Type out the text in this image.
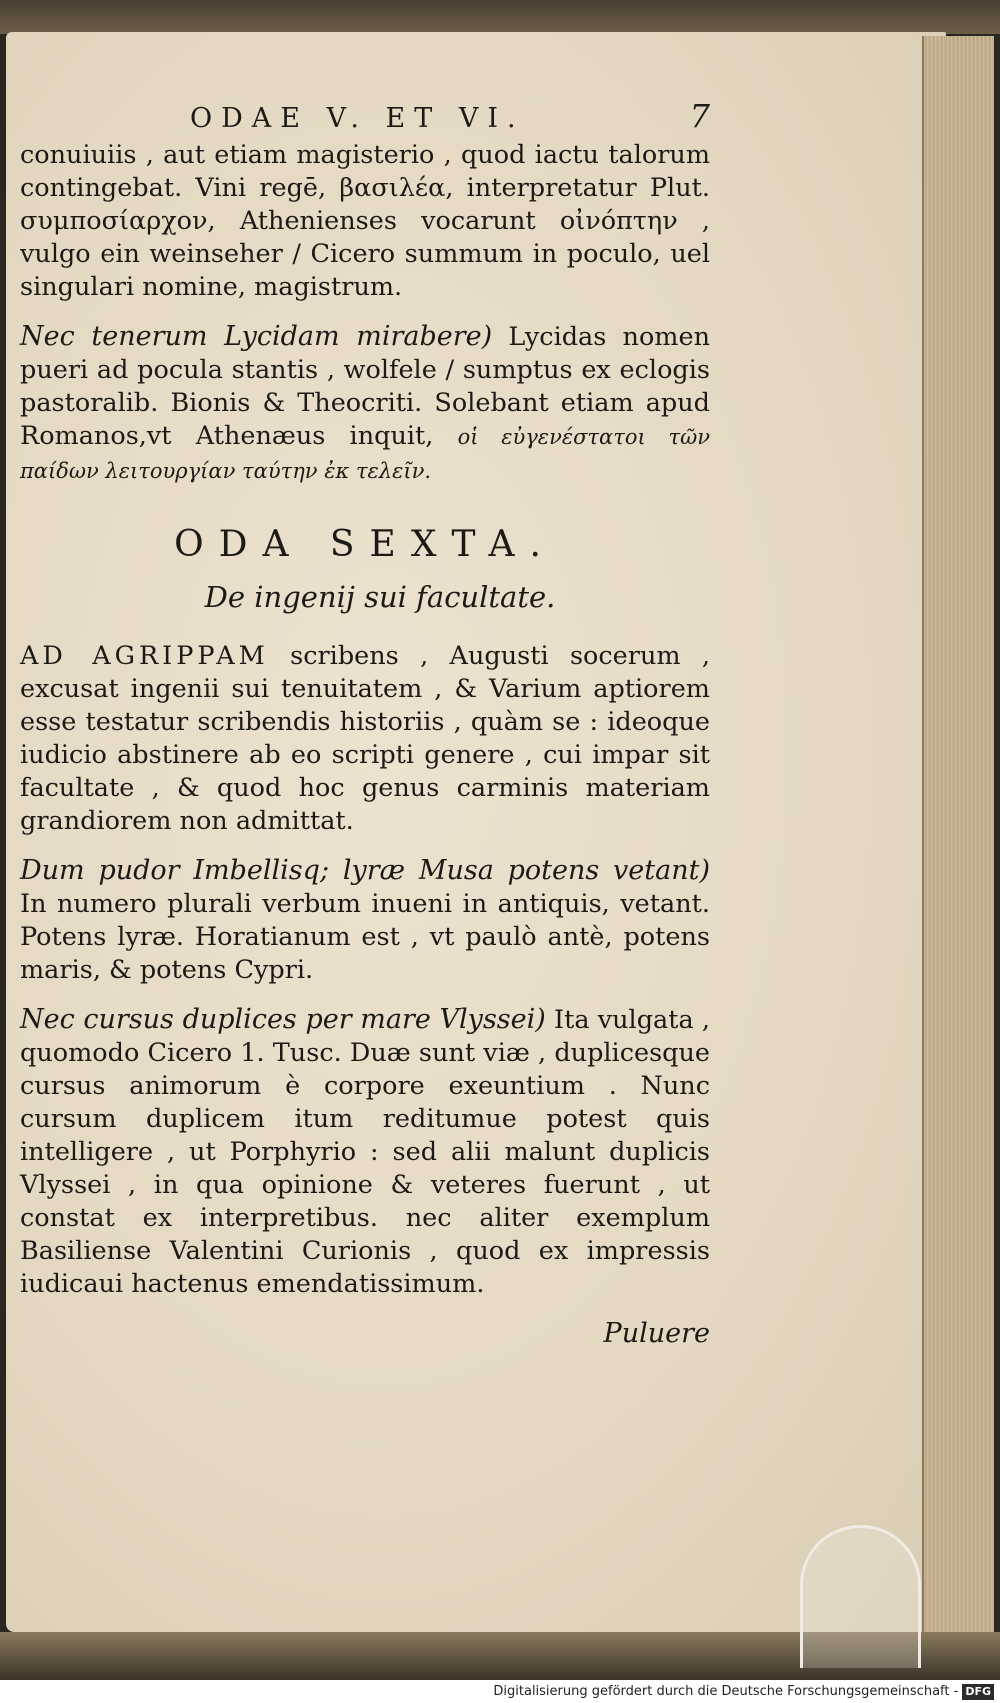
ODAE V. ET VI.	7

conuiuiis , aut etiam magisterio , quod iactu talorum contingebat. Vini regē, βασιλέα, interpretatur Plut. συμποσίαρχον, Athenienses vocarunt οἰνόπτην , vulgo ein weinseher / Cicero summum in poculo, uel singulari nomine, magistrum.

Nec tenerum Lycidam mirabere) Lycidas nomen pueri ad pocula stantis , wolfele / sumptus ex eclogis pastoralib. Bionis & Theocriti. Solebant etiam apud Romanos,vt Athenæus inquit, οἱ εὐγενέστατοι τῶν παίδων λειτουργίαν ταύτην ἐκ τελεῖν.

ODA SEXTA.
De ingenij sui facultate.

AD AGRIPPAM scribens , Augusti socerum , excusat ingenii sui tenuitatem , & Varium aptiorem esse testatur scribendis historiis , quàm se : ideoque iudicio abstinere ab eo scripti genere , cui impar sit facultate , & quod hoc genus carminis materiam grandiorem non admittat.

Dum pudor Imbellisq; lyræ Musa potens vetant) In numero plurali verbum inueni in antiquis, vetant. Potens lyræ. Horatianum est , vt paulò antè, potens maris, & potens Cypri.

Nec cursus duplices per mare Vlyssei) Ita vulgata , quomodo Cicero 1. Tusc. Duæ sunt viæ , duplicesque cursus animorum è corpore exeuntium . Nunc cursum duplicem itum reditumue potest quis intelligere , ut Porphyrio : sed alii malunt duplicis Vlyssei , in qua opinione & veteres fuerunt , ut constat ex interpretibus. nec aliter exemplum Basiliense Valentini Curionis , quod ex impressis iudicaui hactenus emendatissimum.

Puluere
Digitalisierung gefördert durch die Deutsche Forschungsgemeinschaft - DFG
